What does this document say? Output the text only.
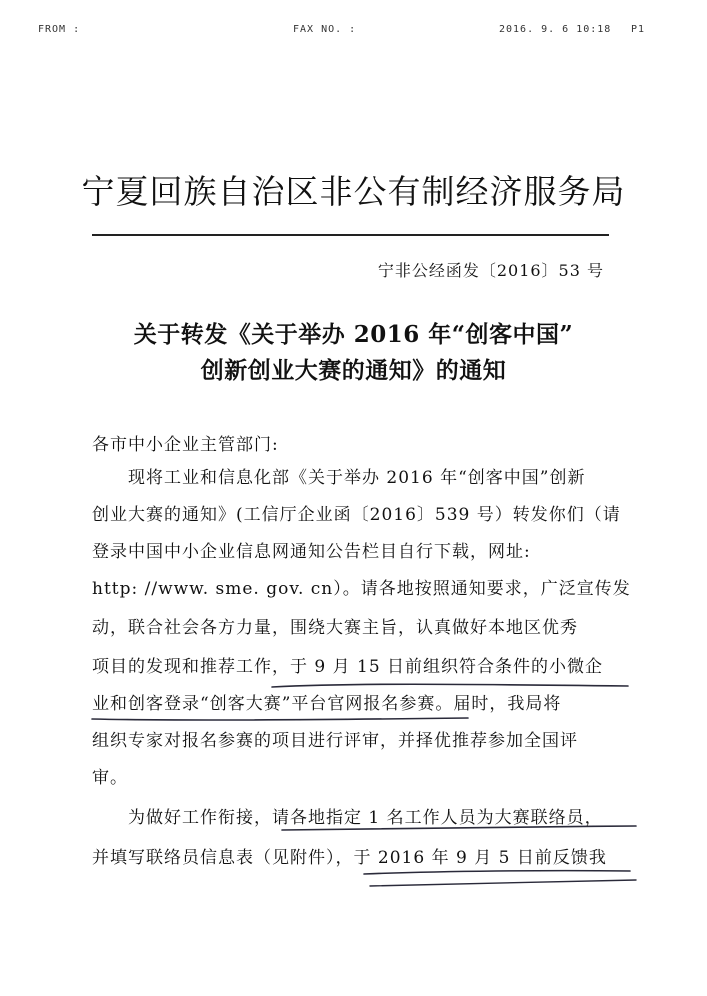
FROM :	FAX NO. :	2016. 9. 6 10:18 P1
宁夏回族自治区非公有制经济服务局
宁非公经函发〔2016〕53 号
关于转发《关于举办 2016 年“创客中国”
创新创业大赛的通知》的通知
各市中小企业主管部门:
现将工业和信息化部《关于举办 2016 年“创客中国”创新
创业大赛的通知》(工信厅企业函〔2016〕539 号）转发你们（请
登录中国中小企业信息网通知公告栏目自行下载，网址:
http: //www. sme. gov. cn）。请各地按照通知要求，广泛宣传发
动，联合社会各方力量，围绕大赛主旨，认真做好本地区优秀
项目的发现和推荐工作，于 9 月 15 日前组织符合条件的小微企
业和创客登录“创客大赛”平台官网报名参赛。届时，我局将
组织专家对报名参赛的项目进行评审，并择优推荐参加全国评
审。
为做好工作衔接，请各地指定 1 名工作人员为大赛联络员，
并填写联络员信息表（见附件），于 2016 年 9 月 5 日前反馈我
